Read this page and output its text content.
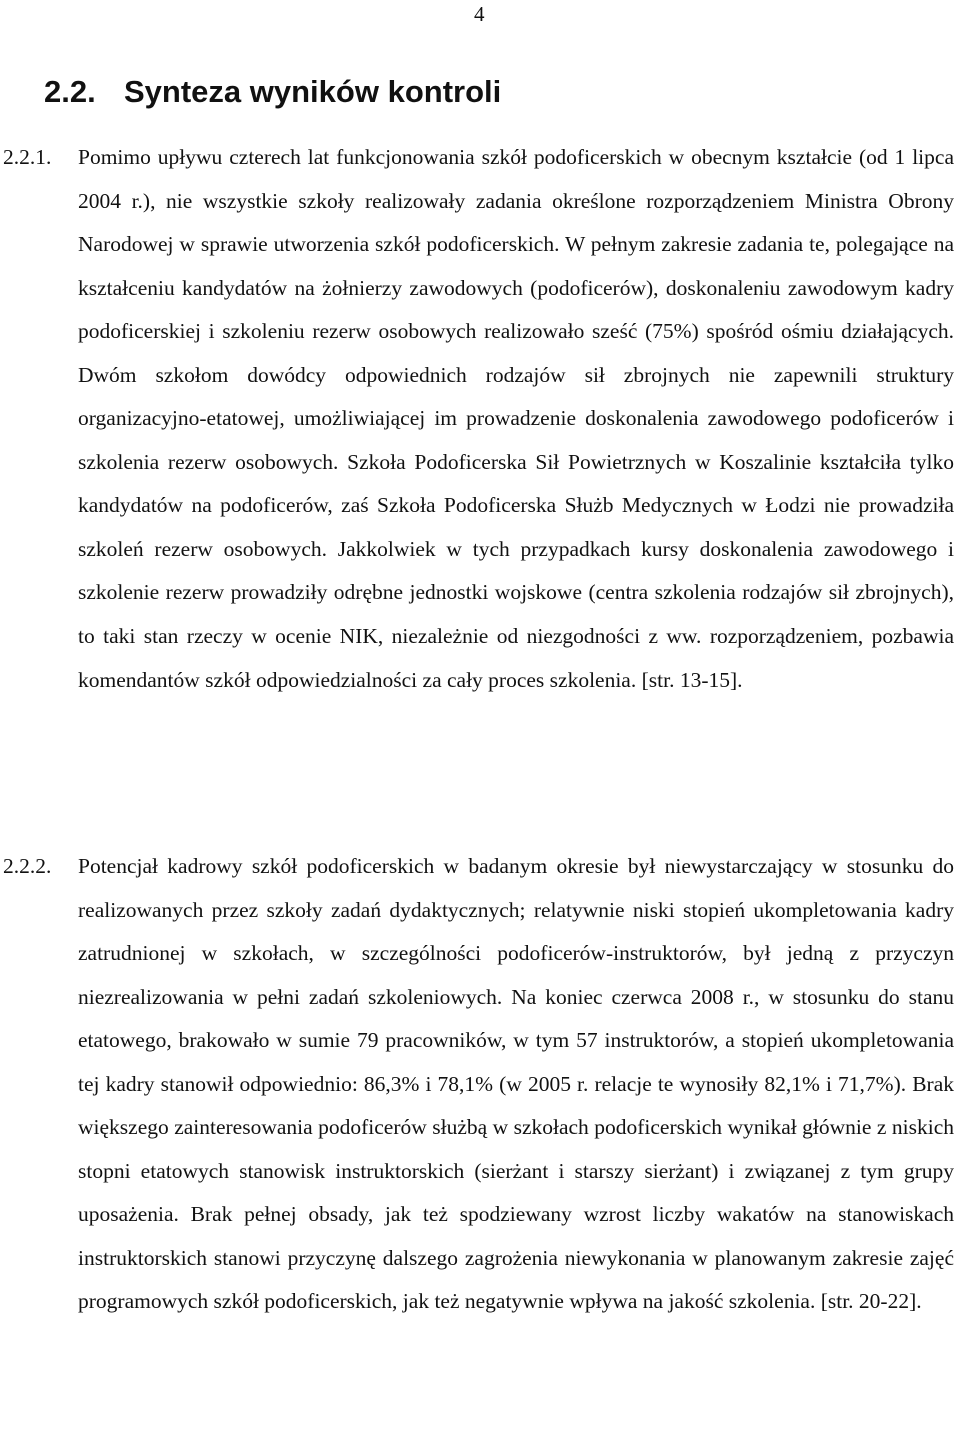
4
2.2. Synteza wyników kontroli
2.2.1. Pomimo upływu czterech lat funkcjonowania szkół podoficerskich w obecnym kształcie (od 1 lipca 2004 r.), nie wszystkie szkoły realizowały zadania określone rozporządzeniem Ministra Obrony Narodowej w sprawie utworzenia szkół podoficerskich. W pełnym zakresie zadania te, polegające na kształceniu kandydatów na żołnierzy zawodowych (podoficerów), doskonaleniu zawodowym kadry podoficerskiej i szkoleniu rezerw osobowych realizowało sześć (75%) spośród ośmiu działających. Dwóm szkołom dowódcy odpowiednich rodzajów sił zbrojnych nie zapewnili struktury organizacyjno-etatowej, umożliwiającej im prowadzenie doskonalenia zawodowego podoficerów i szkolenia rezerw osobowych. Szkoła Podoficerska Sił Powietrznych w Koszalinie kształciła tylko kandydatów na podoficerów, zaś Szkoła Podoficerska Służb Medycznych w Łodzi nie prowadziła szkoleń rezerw osobowych. Jakkolwiek w tych przypadkach kursy doskonalenia zawodowego i szkolenie rezerw prowadziły odrębne jednostki wojskowe (centra szkolenia rodzajów sił zbrojnych), to taki stan rzeczy w ocenie NIK, niezależnie od niezgodności z ww. rozporządzeniem, pozbawia komendantów szkół odpowiedzialności za cały proces szkolenia. [str. 13-15].

2.2.2. Potencjał kadrowy szkół podoficerskich w badanym okresie był niewystarczający w stosunku do realizowanych przez szkoły zadań dydaktycznych; relatywnie niski stopień ukompletowania kadry zatrudnionej w szkołach, w szczególności podoficerów-instruktorów, był jedną z przyczyn niezrealizowania w pełni zadań szkoleniowych. Na koniec czerwca 2008 r., w stosunku do stanu etatowego, brakowało w sumie 79 pracowników, w tym 57 instruktorów, a stopień ukompletowania tej kadry stanowił odpowiednio: 86,3% i 78,1% (w 2005 r. relacje te wynosiły 82,1% i 71,7%). Brak większego zainteresowania podoficerów służbą w szkołach podoficerskich wynikał głównie z niskich stopni etatowych stanowisk instruktorskich (sierżant i starszy sierżant) i związanej z tym grupy uposażenia. Brak pełnej obsady, jak też spodziewany wzrost liczby wakatów na stanowiskach instruktorskich stanowi przyczynę dalszego zagrożenia niewykonania w planowanym zakresie zajęć programowych szkół podoficerskich, jak też negatywnie wpływa na jakość szkolenia. [str. 20-22].
